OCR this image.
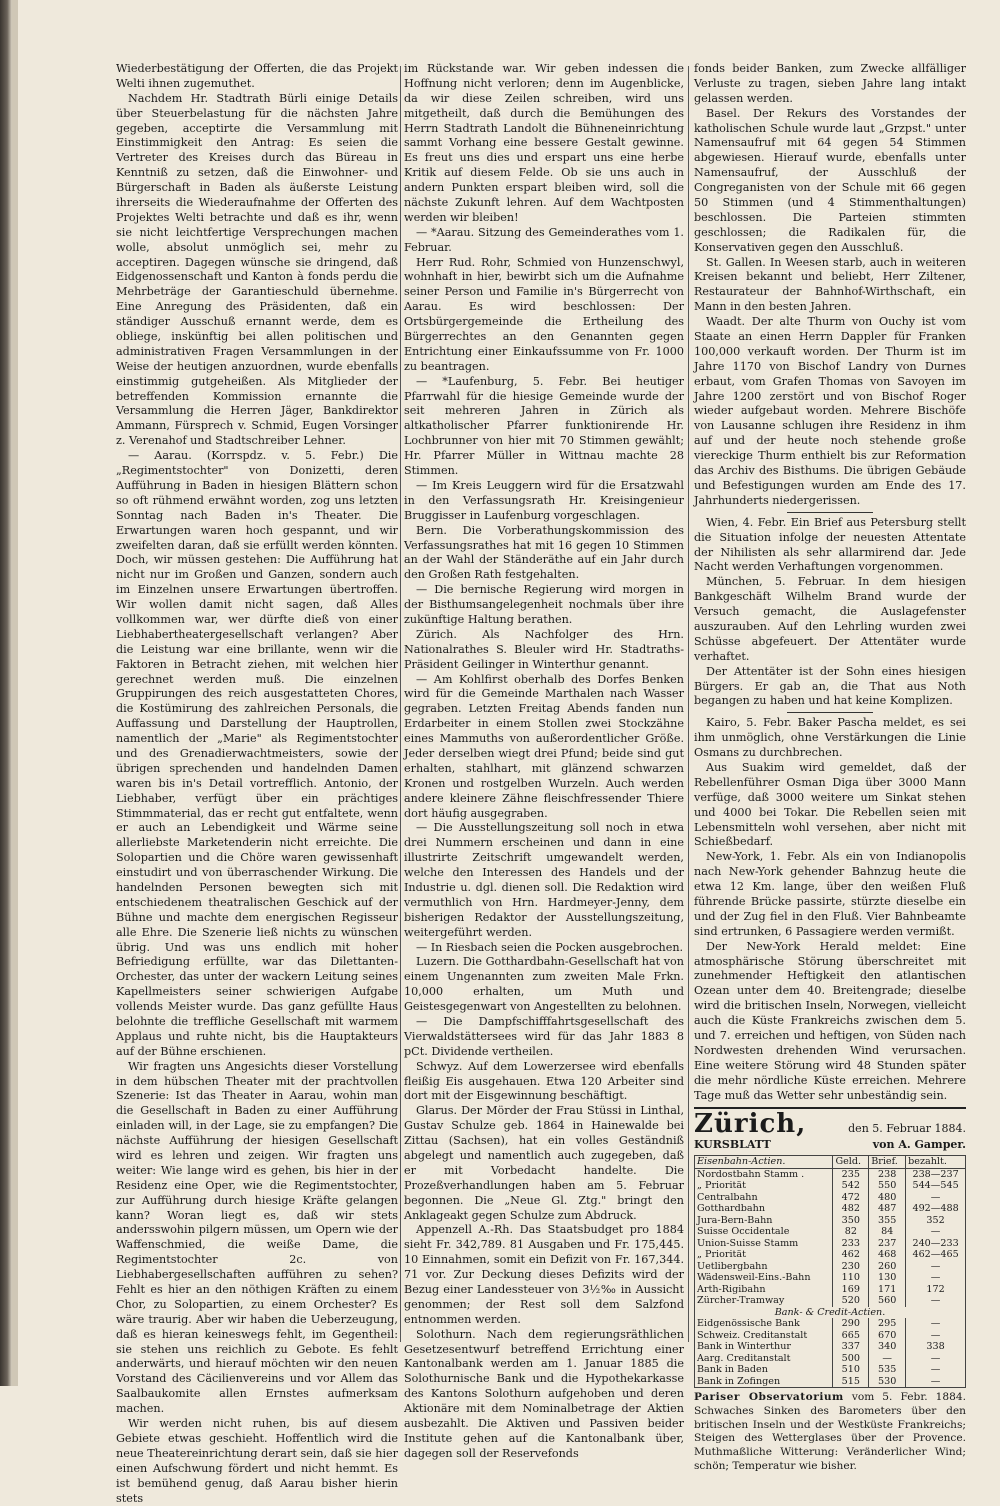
Wiederbestätigung der Offerten, die das Projekt Welti ihnen zugemuthet.

Nachdem Hr. Stadtrath Bürli einige Details über Steuerbelastung für die nächsten Jahre gegeben, acceptirte die Versammlung mit Einstimmigkeit den Antrag: Es seien die Vertreter des Kreises durch das Büreau in Kenntniß zu setzen, daß die Einwohner- und Bürgerschaft in Baden als äußerste Leistung ihrerseits die Wiederaufnahme der Offerten des Projektes Welti betrachte und daß es ihr, wenn sie nicht leichtfertige Versprechungen machen wolle, absolut unmöglich sei, mehr zu acceptiren. Dagegen wünsche sie dringend, daß Eidgenossenschaft und Kanton à fonds perdu die Mehrbeträge der Garantieschuld übernehme. Eine Anregung des Präsidenten, daß ein ständiger Ausschuß ernannt werde, dem es obliege, inskünftig bei allen politischen und administrativen Fragen Versammlungen in der Weise der heutigen anzuordnen, wurde ebenfalls einstimmig gutgeheißen. Als Mitglieder der betreffenden Kommission ernannte die Versammlung die Herren Jäger, Bankdirektor Ammann, Fürsprech v. Schmid, Eugen Vorsinger z. Verenahof und Stadtschreiber Lehner.

— Aarau. (Korrspdz. v. 5. Febr.) Die „Regimentstochter" von Donizetti, deren Aufführung in Baden in hiesigen Blättern schon so oft rühmend erwähnt worden, zog uns letzten Sonntag nach Baden in's Theater. Die Erwartungen waren hoch gespannt, und wir zweifelten daran, daß sie erfüllt werden könnten. Doch, wir müssen gestehen: Die Aufführung hat nicht nur im Großen und Ganzen, sondern auch im Einzelnen unsere Erwartungen übertroffen. Wir wollen damit nicht sagen, daß Alles vollkommen war, wer dürfte dieß von einer Liebhabertheatergesellschaft verlangen? Aber die Leistung war eine brillante, wenn wir die Faktoren in Betracht ziehen, mit welchen hier gerechnet werden muß. Die einzelnen Gruppirungen des reich ausgestatteten Chores, die Kostümirung des zahlreichen Personals, die Auffassung und Darstellung der Hauptrollen, namentlich der „Marie" als Regimentstochter und des Grenadierwachtmeisters, sowie der übrigen sprechenden und handelnden Damen waren bis in's Detail vortrefflich. Antonio, der Liebhaber, verfügt über ein prächtiges Stimmmaterial, das er recht gut entfaltete, wenn er auch an Lebendigkeit und Wärme seine allerliebste Marketenderin nicht erreichte. Die Solopartien und die Chöre waren gewissenhaft einstudirt und von überraschender Wirkung. Die handelnden Personen bewegten sich mit entschiedenem theatralischen Geschick auf der Bühne und machte dem energischen Regisseur alle Ehre. Die Szenerie ließ nichts zu wünschen übrig. Und was uns endlich mit hoher Befriedigung erfüllte, war das Dilettanten-Orchester, das unter der wackern Leitung seines Kapellmeisters seiner schwierigen Aufgabe vollends Meister wurde. Das ganz gefüllte Haus belohnte die treffliche Gesellschaft mit warmem Applaus und ruhte nicht, bis die Hauptakteurs auf der Bühne erschienen.

Wir fragten uns Angesichts dieser Vorstellung in dem hübschen Theater mit der prachtvollen Szenerie: Ist das Theater in Aarau, wohin man die Gesellschaft in Baden zu einer Aufführung einladen will, in der Lage, sie zu empfangen? Die nächste Aufführung der hiesigen Gesellschaft wird es lehren und zeigen. Wir fragten uns weiter: Wie lange wird es gehen, bis hier in der Residenz eine Oper, wie die Regimentstochter, zur Aufführung durch hiesige Kräfte gelangen kann? Woran liegt es, daß wir stets andersswohin pilgern müssen, um Opern wie der Waffenschmied, die weiße Dame, die Regimentstochter 2c. von Liebhabergesellschaften aufführen zu sehen? Fehlt es hier an den nöthigen Kräften zu einem Chor, zu Solopartien, zu einem Orchester? Es wäre traurig. Aber wir haben die Ueberzeugung, daß es hieran keineswegs fehlt, im Gegentheil: sie stehen uns reichlich zu Gebote. Es fehlt anderwärts, und hierauf möchten wir den neuen Vorstand des Cäcilienvereins und vor Allem das Saalbaukomite allen Ernstes aufmerksam machen.

Wir werden nicht ruhen, bis auf diesem Gebiete etwas geschieht. Hoffentlich wird die neue Theatereinrichtung derart sein, daß sie hier einen Aufschwung fördert und nicht hemmt. Es ist bemühend genug, daß Aarau bisher hierin stets

im Rückstande war. Wir geben indessen die Hoffnung nicht verloren; denn im Augenblicke, da wir diese Zeilen schreiben, wird uns mitgetheilt, daß durch die Bemühungen des Herrn Stadtrath Landolt die Bühneneinrichtung sammt Vorhang eine bessere Gestalt gewinne. Es freut uns dies und erspart uns eine herbe Kritik auf diesem Felde. Ob sie uns auch in andern Punkten erspart bleiben wird, soll die nächste Zukunft lehren. Auf dem Wachtposten werden wir bleiben!

— *Aarau. Sitzung des Gemeinderathes vom 1. Februar.

Herr Rud. Rohr, Schmied von Hunzenschwyl, wohnhaft in hier, bewirbt sich um die Aufnahme seiner Person und Familie in's Bürgerrecht von Aarau. Es wird beschlossen: Der Ortsbürgergemeinde die Ertheilung des Bürgerrechtes an den Genannten gegen Entrichtung einer Einkaufssumme von Fr. 1000 zu beantragen.

— *Laufenburg, 5. Febr. Bei heutiger Pfarrwahl für die hiesige Gemeinde wurde der seit mehreren Jahren in Zürich als altkatholischer Pfarrer funktionirende Hr. Lochbrunner von hier mit 70 Stimmen gewählt; Hr. Pfarrer Müller in Wittnau machte 28 Stimmen.

— Im Kreis Leuggern wird für die Ersatzwahl in den Verfassungsrath Hr. Kreisingenieur Bruggisser in Laufenburg vorgeschlagen.

Bern. Die Vorberathungskommission des Verfassungsrathes hat mit 16 gegen 10 Stimmen an der Wahl der Ständeräthe auf ein Jahr durch den Großen Rath festgehalten.

— Die bernische Regierung wird morgen in der Bisthumsangelegenheit nochmals über ihre zukünftige Haltung berathen.

Zürich. Als Nachfolger des Hrn. Nationalrathes S. Bleuler wird Hr. Stadtraths-Präsident Geilinger in Winterthur genannt.

— Am Kohlfirst oberhalb des Dorfes Benken wird für die Gemeinde Marthalen nach Wasser gegraben. Letzten Freitag Abends fanden nun Erdarbeiter in einem Stollen zwei Stockzähne eines Mammuths von außerordentlicher Größe. Jeder derselben wiegt drei Pfund; beide sind gut erhalten, stahlhart, mit glänzend schwarzen Kronen und rostgelben Wurzeln. Auch werden andere kleinere Zähne fleischfressender Thiere dort häufig ausgegraben.

— Die Ausstellungszeitung soll noch in etwa drei Nummern erscheinen und dann in eine illustrirte Zeitschrift umgewandelt werden, welche den Interessen des Handels und der Industrie u. dgl. dienen soll. Die Redaktion wird vermuthlich von Hrn. Hardmeyer-Jenny, dem bisherigen Redaktor der Ausstellungszeitung, weitergeführt werden.

— In Riesbach seien die Pocken ausgebrochen.

Luzern. Die Gotthardbahn-Gesellschaft hat von einem Ungenannten zum zweiten Male Frkn. 10,000 erhalten, um Muth und Geistesgegenwart von Angestellten zu belohnen.

— Die Dampfschifffahrtsgesellschaft des Vierwaldstättersees wird für das Jahr 1883 8 pCt. Dividende vertheilen.

Schwyz. Auf dem Lowerzersee wird ebenfalls fleißig Eis ausgehauen. Etwa 120 Arbeiter sind dort mit der Eisgewinnung beschäftigt.

Glarus. Der Mörder der Frau Stüssi in Linthal, Gustav Schulze geb. 1864 in Hainewalde bei Zittau (Sachsen), hat ein volles Geständniß abgelegt und namentlich auch zugegeben, daß er mit Vorbedacht handelte. Die Prozeßverhandlungen haben am 5. Februar begonnen. Die „Neue Gl. Ztg." bringt den Anklageakt gegen Schulze zum Abdruck.

Appenzell A.-Rh. Das Staatsbudget pro 1884 sieht Fr. 342,789. 81 Ausgaben und Fr. 175,445. 10 Einnahmen, somit ein Defizit von Fr. 167,344. 71 vor. Zur Deckung dieses Defizits wird der Bezug einer Landessteuer von 3½‰ in Aussicht genommen; der Rest soll dem Salzfond entnommen werden.

Solothurn. Nach dem regierungsräthlichen Gesetzesentwurf betreffend Errichtung einer Kantonalbank werden am 1. Januar 1885 die Solothurnische Bank und die Hypothekarkasse des Kantons Solothurn aufgehoben und deren Aktionäre mit dem Nominalbetrage der Aktien ausbezahlt. Die Aktiven und Passiven beider Institute gehen auf die Kantonalbank über, dagegen soll der Reservefonds

fonds beider Banken, zum Zwecke allfälliger Verluste zu tragen, sieben Jahre lang intakt gelassen werden.

Basel. Der Rekurs des Vorstandes der katholischen Schule wurde laut „Grzpst." unter Namensaufruf mit 64 gegen 54 Stimmen abgewiesen. Hierauf wurde, ebenfalls unter Namensaufruf, der Ausschluß der Congreganisten von der Schule mit 66 gegen 50 Stimmen (und 4 Stimmenthaltungen) beschlossen. Die Parteien stimmten geschlossen; die Radikalen für, die Konservativen gegen den Ausschluß.

St. Gallen. In Weesen starb, auch in weiteren Kreisen bekannt und beliebt, Herr Ziltener, Restaurateur der Bahnhof-Wirthschaft, ein Mann in den besten Jahren.

Waadt. Der alte Thurm von Ouchy ist vom Staate an einen Herrn Dappler für Franken 100,000 verkauft worden. Der Thurm ist im Jahre 1170 von Bischof Landry von Durnes erbaut, vom Grafen Thomas von Savoyen im Jahre 1200 zerstört und von Bischof Roger wieder aufgebaut worden. Mehrere Bischöfe von Lausanne schlugen ihre Residenz in ihm auf und der heute noch stehende große viereckige Thurm enthielt bis zur Reformation das Archiv des Bisthums. Die übrigen Gebäude und Befestigungen wurden am Ende des 17. Jahrhunderts niedergerissen.

Wien, 4. Febr. Ein Brief aus Petersburg stellt die Situation infolge der neuesten Attentate der Nihilisten als sehr allarmirend dar. Jede Nacht werden Verhaftungen vorgenommen.

München, 5. Februar. In dem hiesigen Bankgeschäft Wilhelm Brand wurde der Versuch gemacht, die Auslagefenster auszurauben. Auf den Lehrling wurden zwei Schüsse abgefeuert. Der Attentäter wurde verhaftet.

Der Attentäter ist der Sohn eines hiesigen Bürgers. Er gab an, die That aus Noth begangen zu haben und hat keine Komplizen.

Kairo, 5. Febr. Baker Pascha meldet, es sei ihm unmöglich, ohne Verstärkungen die Linie Osmans zu durchbrechen.

Aus Suakim wird gemeldet, daß der Rebellenführer Osman Diga über 3000 Mann verfüge, daß 3000 weitere um Sinkat stehen und 4000 bei Tokar. Die Rebellen seien mit Lebensmitteln wohl versehen, aber nicht mit Schießbedarf.

New-York, 1. Febr. Als ein von Indianopolis nach New-York gehender Bahnzug heute die etwa 12 Km. lange, über den weißen Fluß führende Brücke passirte, stürzte dieselbe ein und der Zug fiel in den Fluß. Vier Bahnbeamte sind ertrunken, 6 Passagiere werden vermißt.

Der New-York Herald meldet: Eine atmosphärische Störung überschreitet mit zunehmender Heftigkeit den atlantischen Ozean unter dem 40. Breitengrade; dieselbe wird die britischen Inseln, Norwegen, vielleicht auch die Küste Frankreichs zwischen dem 5. und 7. erreichen und heftigen, von Süden nach Nordwesten drehenden Wind verursachen. Eine weitere Störung wird 48 Stunden später die mehr nördliche Küste erreichen. Mehrere Tage muß das Wetter sehr unbeständig sein.

Zürich,	den 5. Februar 1884.
KURSBLATT	von A. Gamper.
Eisenbahn-Actien.	Geld.	Brief.	bezahlt.
Nordostbahn Stamm .	235	238	238—237
„ Priorität	542	550	544—545
Centralbahn	472	480	—
Gotthardbahn	482	487	492—488
Jura-Bern-Bahn	350	355	352
Suisse Occidentale	82	84	—
Union-Suisse Stamm	233	237	240—233
„ Priorität	462	468	462—465
Uetlibergbahn	230	260	—
Wädensweil-Eins.-Bahn	110	130	—
Arth-Rigibahn	169	171	172
Zürcher-Tramway	520	560	—
Bank- & Credit-Actien.			
Eidgenössische Bank	290	295	—
Schweiz. Creditanstalt	665	670	—
Bank in Winterthur	337	340	338
Aarg. Creditanstalt	500	—	—
Bank in Baden	510	535	—
Bank in Zofingen	515	530	—
Pariser Observatorium vom 5. Febr. 1884. Schwaches Sinken des Barometers über den britischen Inseln und der Westküste Frankreichs; Steigen des Wetterglases über der Provence. Muthmaßliche Witterung: Veränderlicher Wind; schön; Temperatur wie bisher.
